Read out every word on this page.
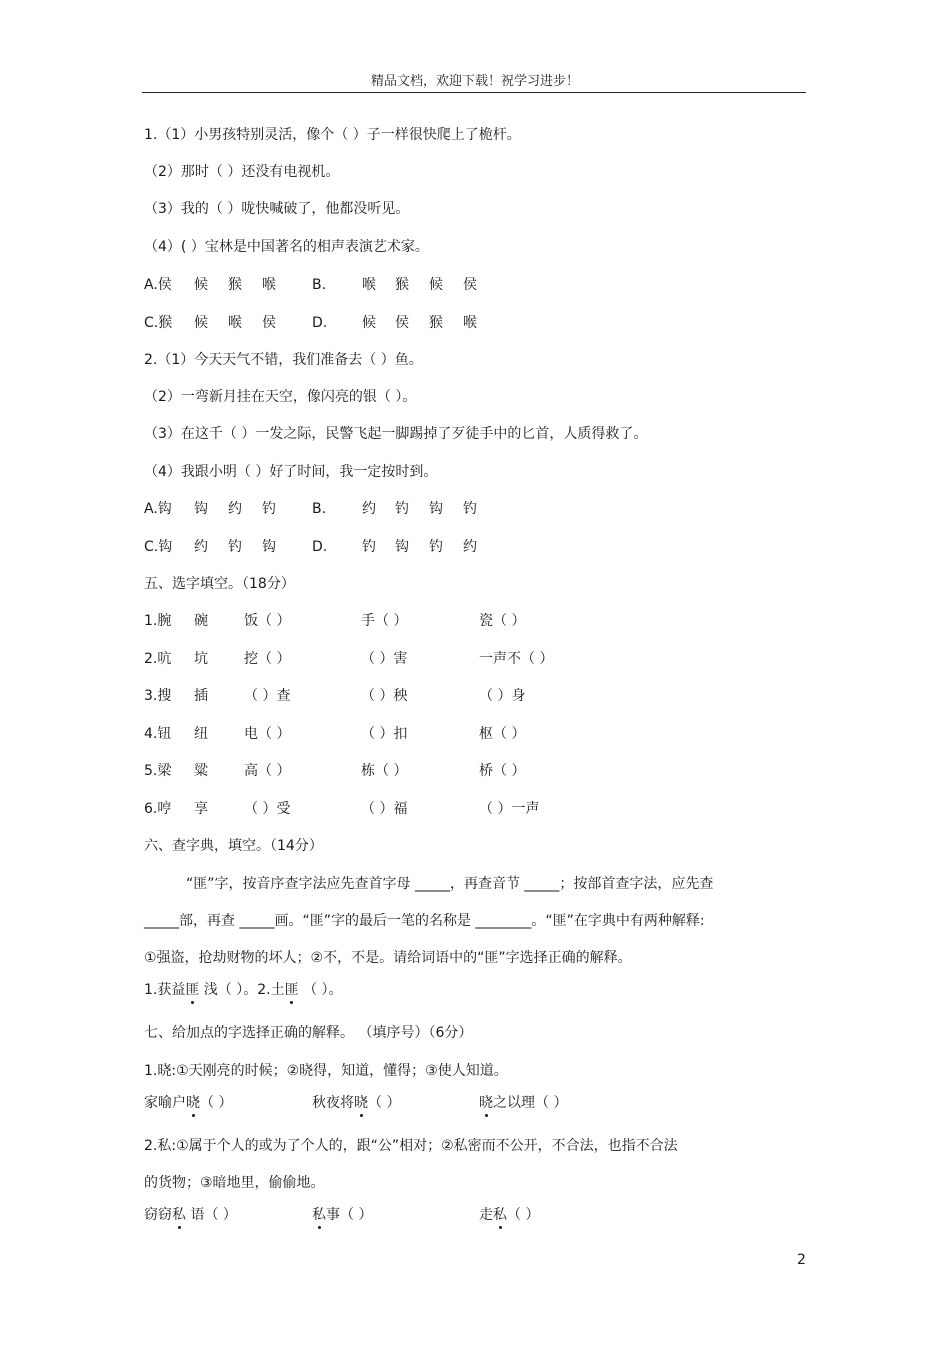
精品文档，欢迎下载！祝学习进步！
1.（1）小男孩特别灵活，像个（ ）子一样很快爬上了桅杆。
（2）那时（ ）还没有电视机。
（3）我的（ ）咙快喊破了，他都没听见。
（4）( ）宝林是中国著名的相声表演艺术家。
A.侯 候 猴 喉	B.	喉 猴 候 侯
C.猴 候 喉 侯	D. 候 侯 猴 喉
2.（1）今天天气不错，我们准备去（ ）鱼。
（2）一弯新月挂在天空，像闪亮的银（ ）。
（3）在这千（ ）一发之际，民警飞起一脚踢掉了歹徒手中的匕首，人质得救了。
（4）我跟小明（ ）好了时间，我一定按时到。
A.钩 钩 约 钓	B.	约 钓 钩 钓
C.钩 约 钓 钩	D. 钓 钩 钓 约
五、选字填空。（18分）
1.腕 碗	饭（ ）	手（ ）	瓷（ ）
2.吭 坑	挖（ ）	（ ）害	一声不（ ）
3.搜 插	（ ）查	（ ）秧	（ ）身
4.钮 纽	电（ ）	（ ）扣	枢（ ）
5.梁 粱	高（ ）	栋（ ）	桥（ ）
6.哼 享	（ ）受	（ ）福	（ ）一声
六、查字典，填空。（14分）
“匪”字，按音序查字法应先查首字母 _____，再查音节 _____；按部首查字法，应先查
_____部，再查 _____画。“匪”字的最后一笔的名称是 ________。“匪”在字典中有两种解释:
①强盗，抢劫财物的坏人；②不，不是。请给词语中的“匪”字选择正确的解释。
1.获益匪 浅（ ）。2.土匪 （ ）。
七、给加点的字选择正确的解释。 （填序号）（6分）
1.晓:①天刚亮的时候；②晓得，知道，懂得；③使人知道。
家喻户晓（ ）	秋夜将晓（ ）	晓之以理（ ）
2.私:①属于个人的或为了个人的，跟“公”相对；②私密而不公开，不合法，也指不合法
的货物；③暗地里，偷偷地。
窃窃私 语（ ）	私事（ ）	走私（ ）
2
